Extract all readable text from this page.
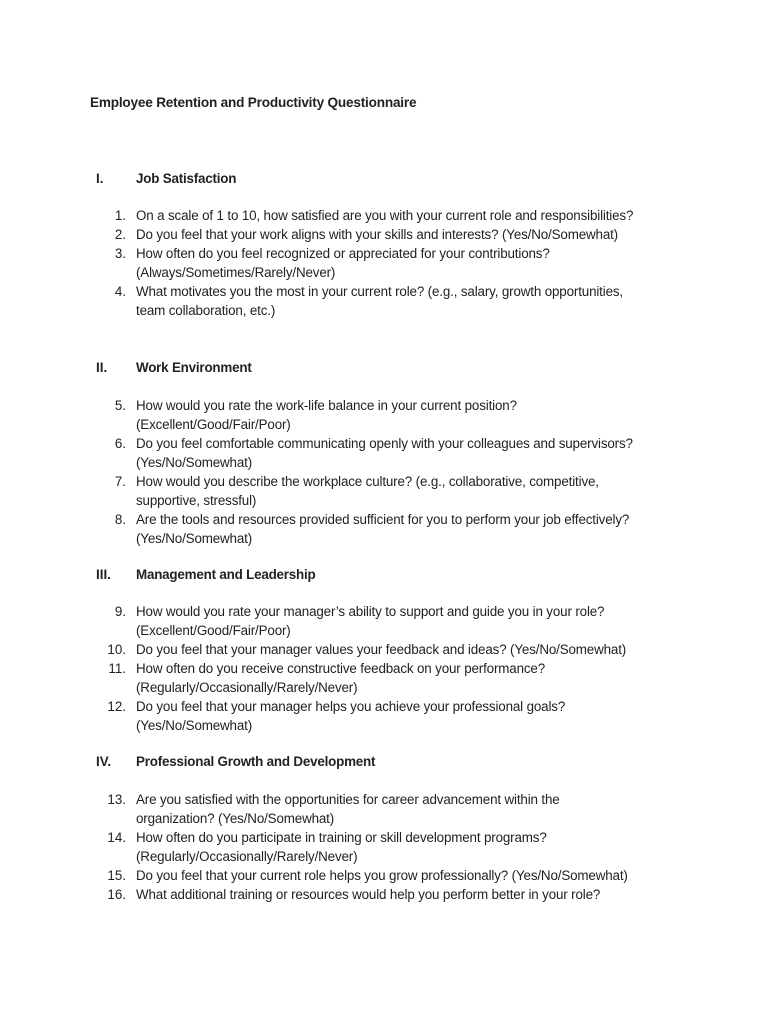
Employee Retention and Productivity Questionnaire
I.	Job Satisfaction
1. On a scale of 1 to 10, how satisfied are you with your current role and responsibilities?
2. Do you feel that your work aligns with your skills and interests? (Yes/No/Somewhat)
3. How often do you feel recognized or appreciated for your contributions?
(Always/Sometimes/Rarely/Never)
4. What motivates you the most in your current role? (e.g., salary, growth opportunities,
team collaboration, etc.)
II.	Work Environment
5. How would you rate the work-life balance in your current position?
(Excellent/Good/Fair/Poor)
6. Do you feel comfortable communicating openly with your colleagues and supervisors?
(Yes/No/Somewhat)
7. How would you describe the workplace culture? (e.g., collaborative, competitive,
supportive, stressful)
8. Are the tools and resources provided sufficient for you to perform your job effectively?
(Yes/No/Somewhat)
III.	Management and Leadership
9. How would you rate your manager’s ability to support and guide you in your role?
(Excellent/Good/Fair/Poor)
10. Do you feel that your manager values your feedback and ideas? (Yes/No/Somewhat)
11. How often do you receive constructive feedback on your performance?
(Regularly/Occasionally/Rarely/Never)
12. Do you feel that your manager helps you achieve your professional goals?
(Yes/No/Somewhat)
IV.	Professional Growth and Development
13. Are you satisfied with the opportunities for career advancement within the
organization? (Yes/No/Somewhat)
14. How often do you participate in training or skill development programs?
(Regularly/Occasionally/Rarely/Never)
15. Do you feel that your current role helps you grow professionally? (Yes/No/Somewhat)
16. What additional training or resources would help you perform better in your role?
